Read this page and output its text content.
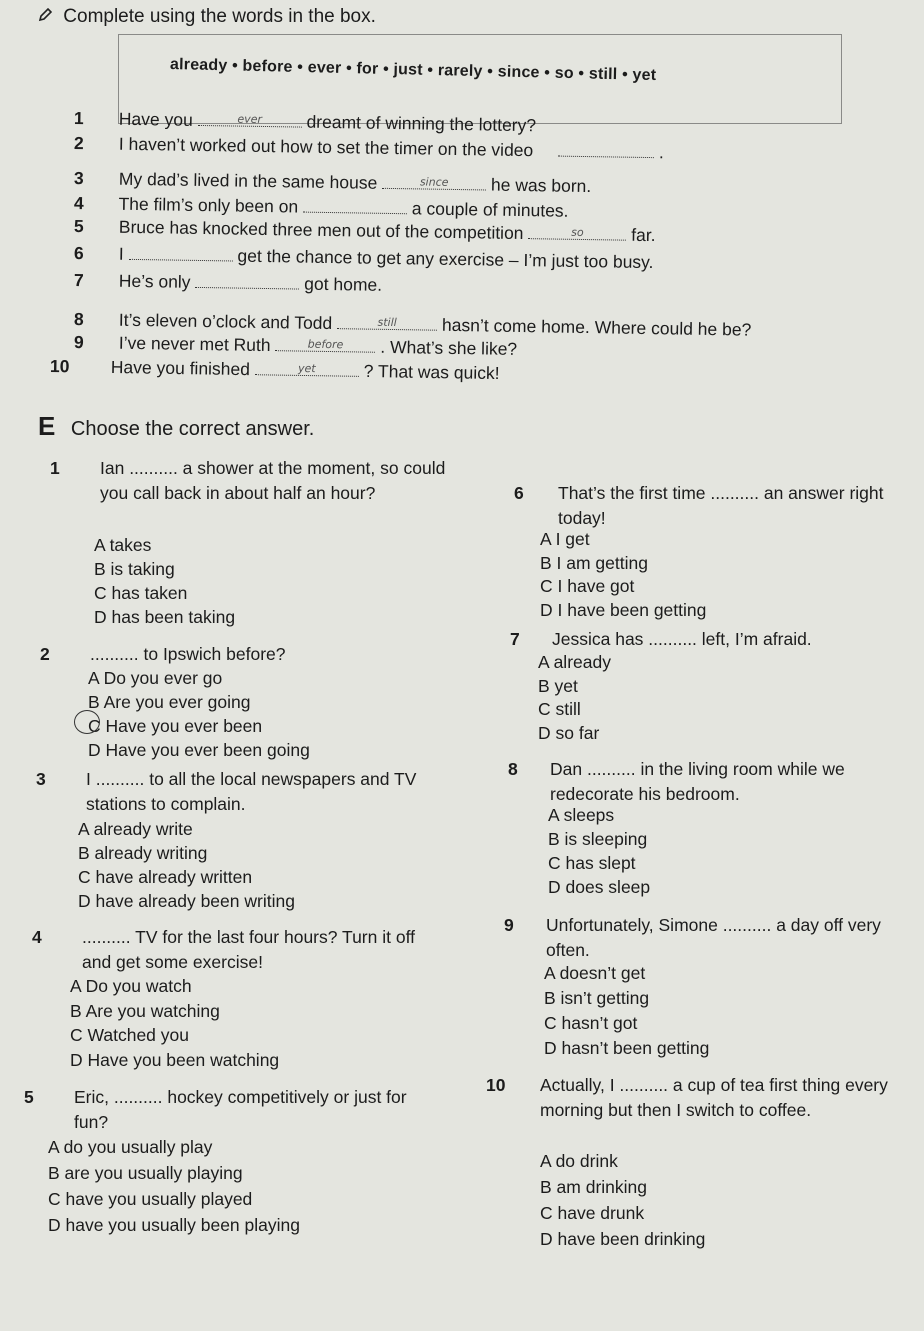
Complete using the words in the box.
already • before • ever • for • just • rarely • since • so • still • yet
1 Have you	ever	dreamt of winning the lottery?
2 I haven’t worked out how to set the timer on the video	.
3 My dad’s lived in the same house	since	he was born.
4 The film’s only been on	a couple of minutes.
5 Bruce has knocked three men out of the competition	so	far.
6 I	get the chance to get any exercise – I’m just too busy.
7 He’s only	got home.
8 It’s eleven o’clock and Todd	still	hasn’t come home. Where could he be?
9 I’ve never met Ruth	before	. What’s she like?
10 Have you finished	yet	? That was quick!
E Choose the correct answer.
1	Ian .......... a shower at the moment, so could you call back in about half an hour?
A takes
B is taking
C has taken
D has been taking
2	.......... to Ipswich before?
A Do you ever go
B Are you ever going
C Have you ever been
D Have you ever been going
3	I .......... to all the local newspapers and TV stations to complain.
A already write
B already writing
C have already written
D have already been writing
4	.......... TV for the last four hours? Turn it off and get some exercise!
A Do you watch
B Are you watching
C Watched you
D Have you been watching
5	Eric, .......... hockey competitively or just for fun?
A do you usually play
B are you usually playing
C have you usually played
D have you usually been playing
6	That’s the first time .......... an answer right today!
A I get
B I am getting
C I have got
D I have been getting
7	Jessica has .......... left, I’m afraid.
A already
B yet
C still
D so far
8	Dan .......... in the living room while we redecorate his bedroom.
A sleeps
B is sleeping
C has slept
D does sleep
9	Unfortunately, Simone .......... a day off very often.
A doesn’t get
B isn’t getting
C hasn’t got
D hasn’t been getting
10	Actually, I .......... a cup of tea first thing every morning but then I switch to coffee.
A do drink
B am drinking
C have drunk
D have been drinking
